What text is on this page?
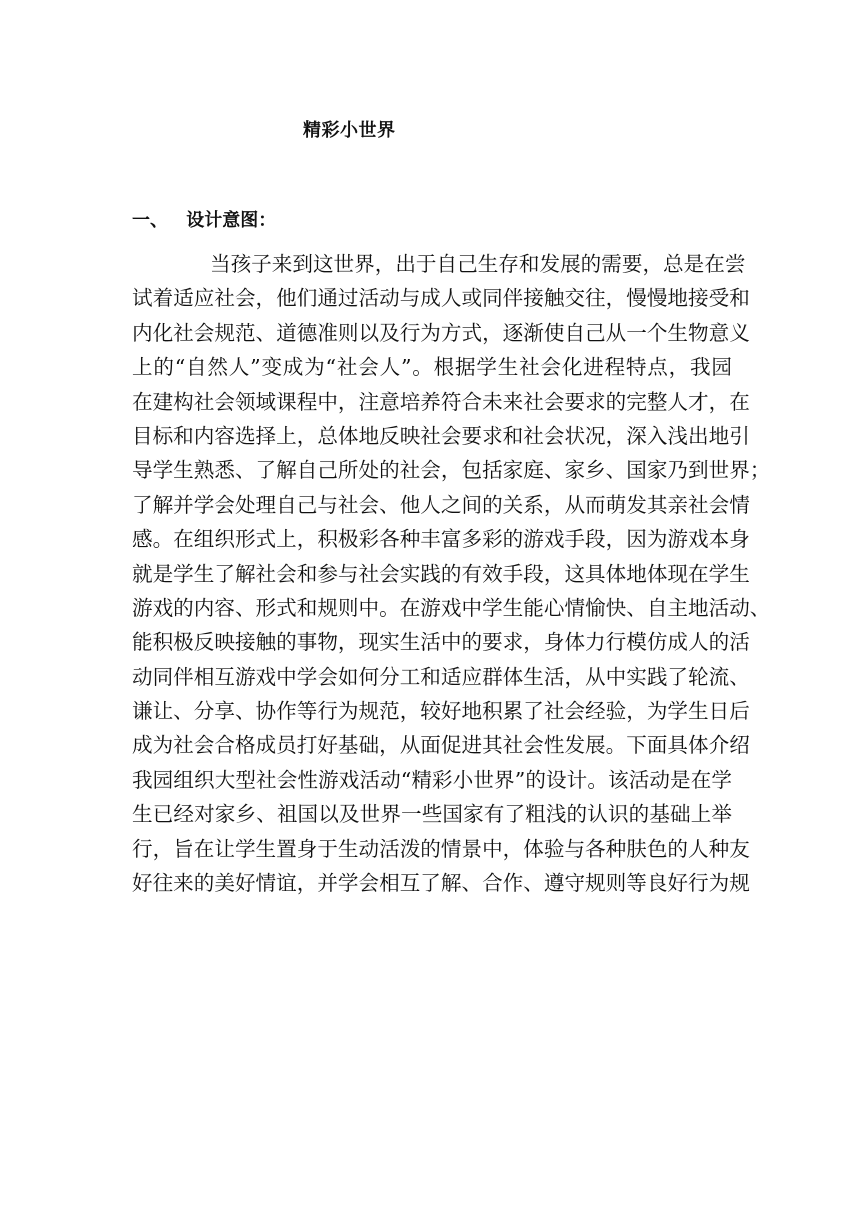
精彩小世界
一、 设计意图：
当孩子来到这世界，出于自己生存和发展的需要，总是在尝
试着适应社会，他们通过活动与成人或同伴接触交往，慢慢地接受和
内化社会规范、道德准则以及行为方式，逐渐使自己从一个生物意义
上的“自然人”变成为“社会人”。根据学生社会化进程特点，我园
在建构社会领域课程中，注意培养符合未来社会要求的完整人才，在
目标和内容选择上，总体地反映社会要求和社会状况，深入浅出地引
导学生熟悉、了解自己所处的社会，包括家庭、家乡、国家乃到世界；
了解并学会处理自己与社会、他人之间的关系，从而萌发其亲社会情
感。在组织形式上，积极彩各种丰富多彩的游戏手段，因为游戏本身
就是学生了解社会和参与社会实践的有效手段，这具体地体现在学生
游戏的内容、形式和规则中。在游戏中学生能心情愉快、自主地活动、
能积极反映接触的事物，现实生活中的要求，身体力行模仿成人的活
动同伴相互游戏中学会如何分工和适应群体生活，从中实践了轮流、
谦让、分享、协作等行为规范，较好地积累了社会经验，为学生日后
成为社会合格成员打好基础，从面促进其社会性发展。下面具体介绍
我园组织大型社会性游戏活动“精彩小世界”的设计。该活动是在学
生已经对家乡、祖国以及世界一些国家有了粗浅的认识的基础上举
行，旨在让学生置身于生动活泼的情景中，体验与各种肤色的人种友
好往来的美好情谊，并学会相互了解、合作、遵守规则等良好行为规
